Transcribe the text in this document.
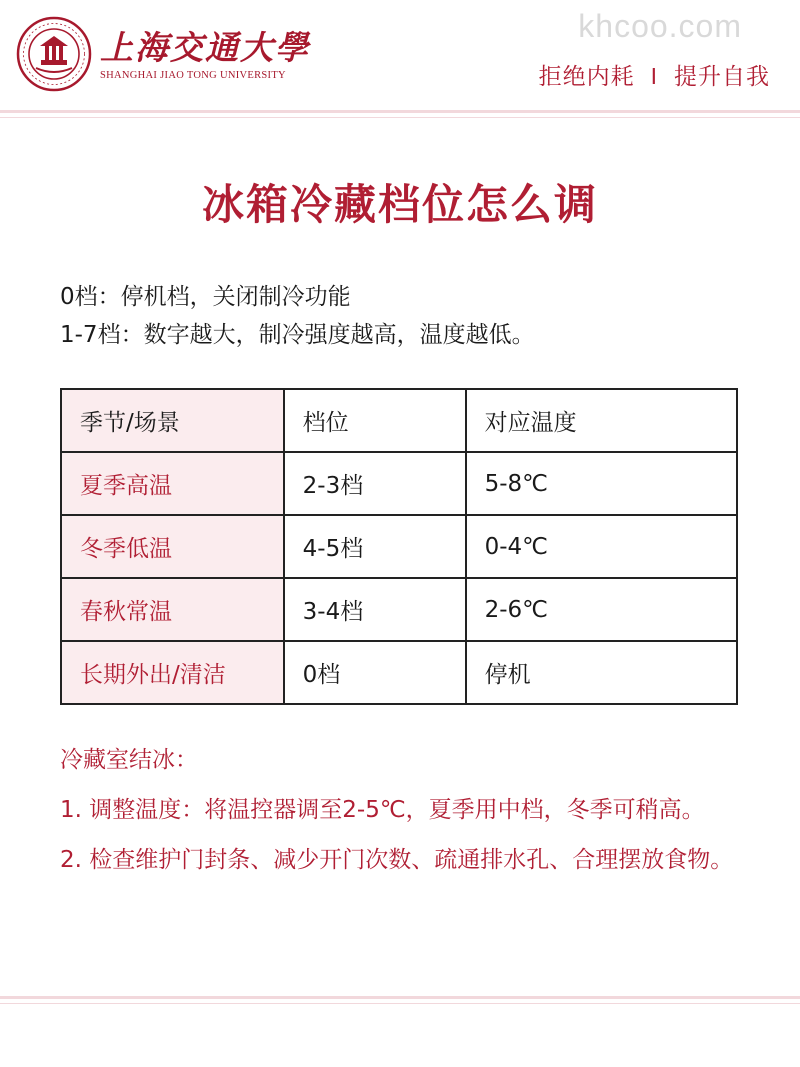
上海交通大學
SHANGHAI JIAO TONG UNIVERSITY
khcoo.com
拒绝内耗 I 提升自我
冰箱冷藏档位怎么调

0档：停机档，关闭制冷功能

1-7档：数字越大，制冷强度越高，温度越低。

季节/场景	档位	对应温度
夏季高温	2-3档	5-8℃
冬季低温	4-5档	0-4℃
春秋常温	3-4档	2-6℃
长期外出/清洁	0档	停机

冷藏室结冰：

1. 调整温度：将温控器调至2-5℃，夏季用中档，冬季可稍高。

2. 检查维护门封条、减少开门次数、疏通排水孔、合理摆放食物。
